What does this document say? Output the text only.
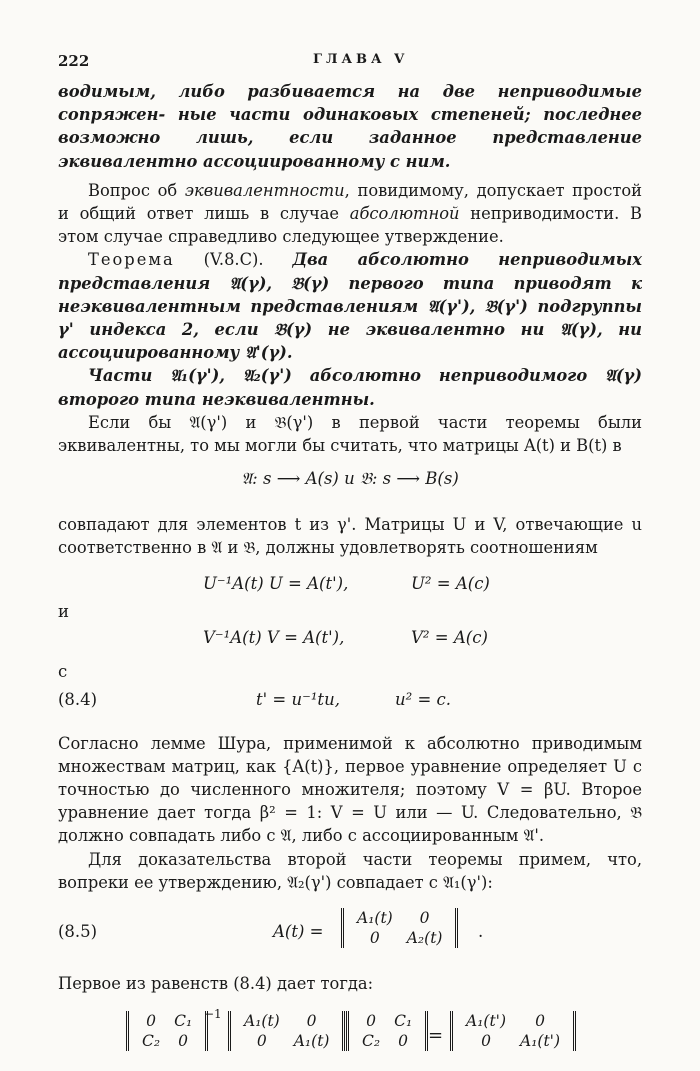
222	ГЛАВА V

водимым, либо разбивается на две неприводимые сопряжен- ные части одинаковых степеней; последнее возможно лишь, если заданное представление эквивалентно ассоциированному с ним.

Вопрос об эквивалентности, повидимому, допускает простой и общий ответ лишь в случае абсолютной неприводимости. В этом случае справедливо следующее утверждение.

Теорема (V.8.C). Два абсолютно неприводимых представления 𝔄(γ), 𝔅(γ) первого типа приводят к неэквивалентным представлениям 𝔄(γ'), 𝔅(γ') подгруппы γ' индекса 2, если 𝔅(γ) не эквивалентно ни 𝔄(γ), ни ассоциированному 𝔄'(γ).

Части 𝔄₁(γ'), 𝔄₂(γ') абсолютно неприводимого 𝔄(γ) второго типа неэквивалентны.

Если бы 𝔄(γ') и 𝔅(γ') в первой части теоремы были эквивалентны, то мы могли бы считать, что матрицы A(t) и B(t) в

𝔄: s ⟶ A(s) и 𝔅: s ⟶ B(s)

совпадают для элементов t из γ'. Матрицы U и V, отвечающие u соответственно в 𝔄 и 𝔅, должны удовлетворять соотношениям

U⁻¹A(t) U = A(t'),	U² = A(c)
и
V⁻¹A(t) V = A(t'),	V² = A(c)
с
(8.4)	t' = u⁻¹tu,	u² = c.

Согласно лемме Шура, применимой к абсолютно приводимым множествам матриц, как {A(t)}, первое уравнение определяет U с точностью до численного множителя; поэтому V = βU. Второе уравнение дает тогда β² = 1: V = U или — U. Следовательно, 𝔅 должно совпадать либо с 𝔄, либо с ассоциированным 𝔄'.

Для доказательства второй части теоремы примем, что, вопреки ее утверждению, 𝔄₂(γ') совпадает с 𝔄₁(γ'):

(8.5)	A(t) =
A₁(t)	0
0	A₂(t) .

Первое из равенств (8.4) дает тогда:

0	C₁
C₂	0
−1 A₁(t)	0
0	A₁(t)
0	C₁
C₂	0 =
A₁(t')	0
0	A₁(t')
